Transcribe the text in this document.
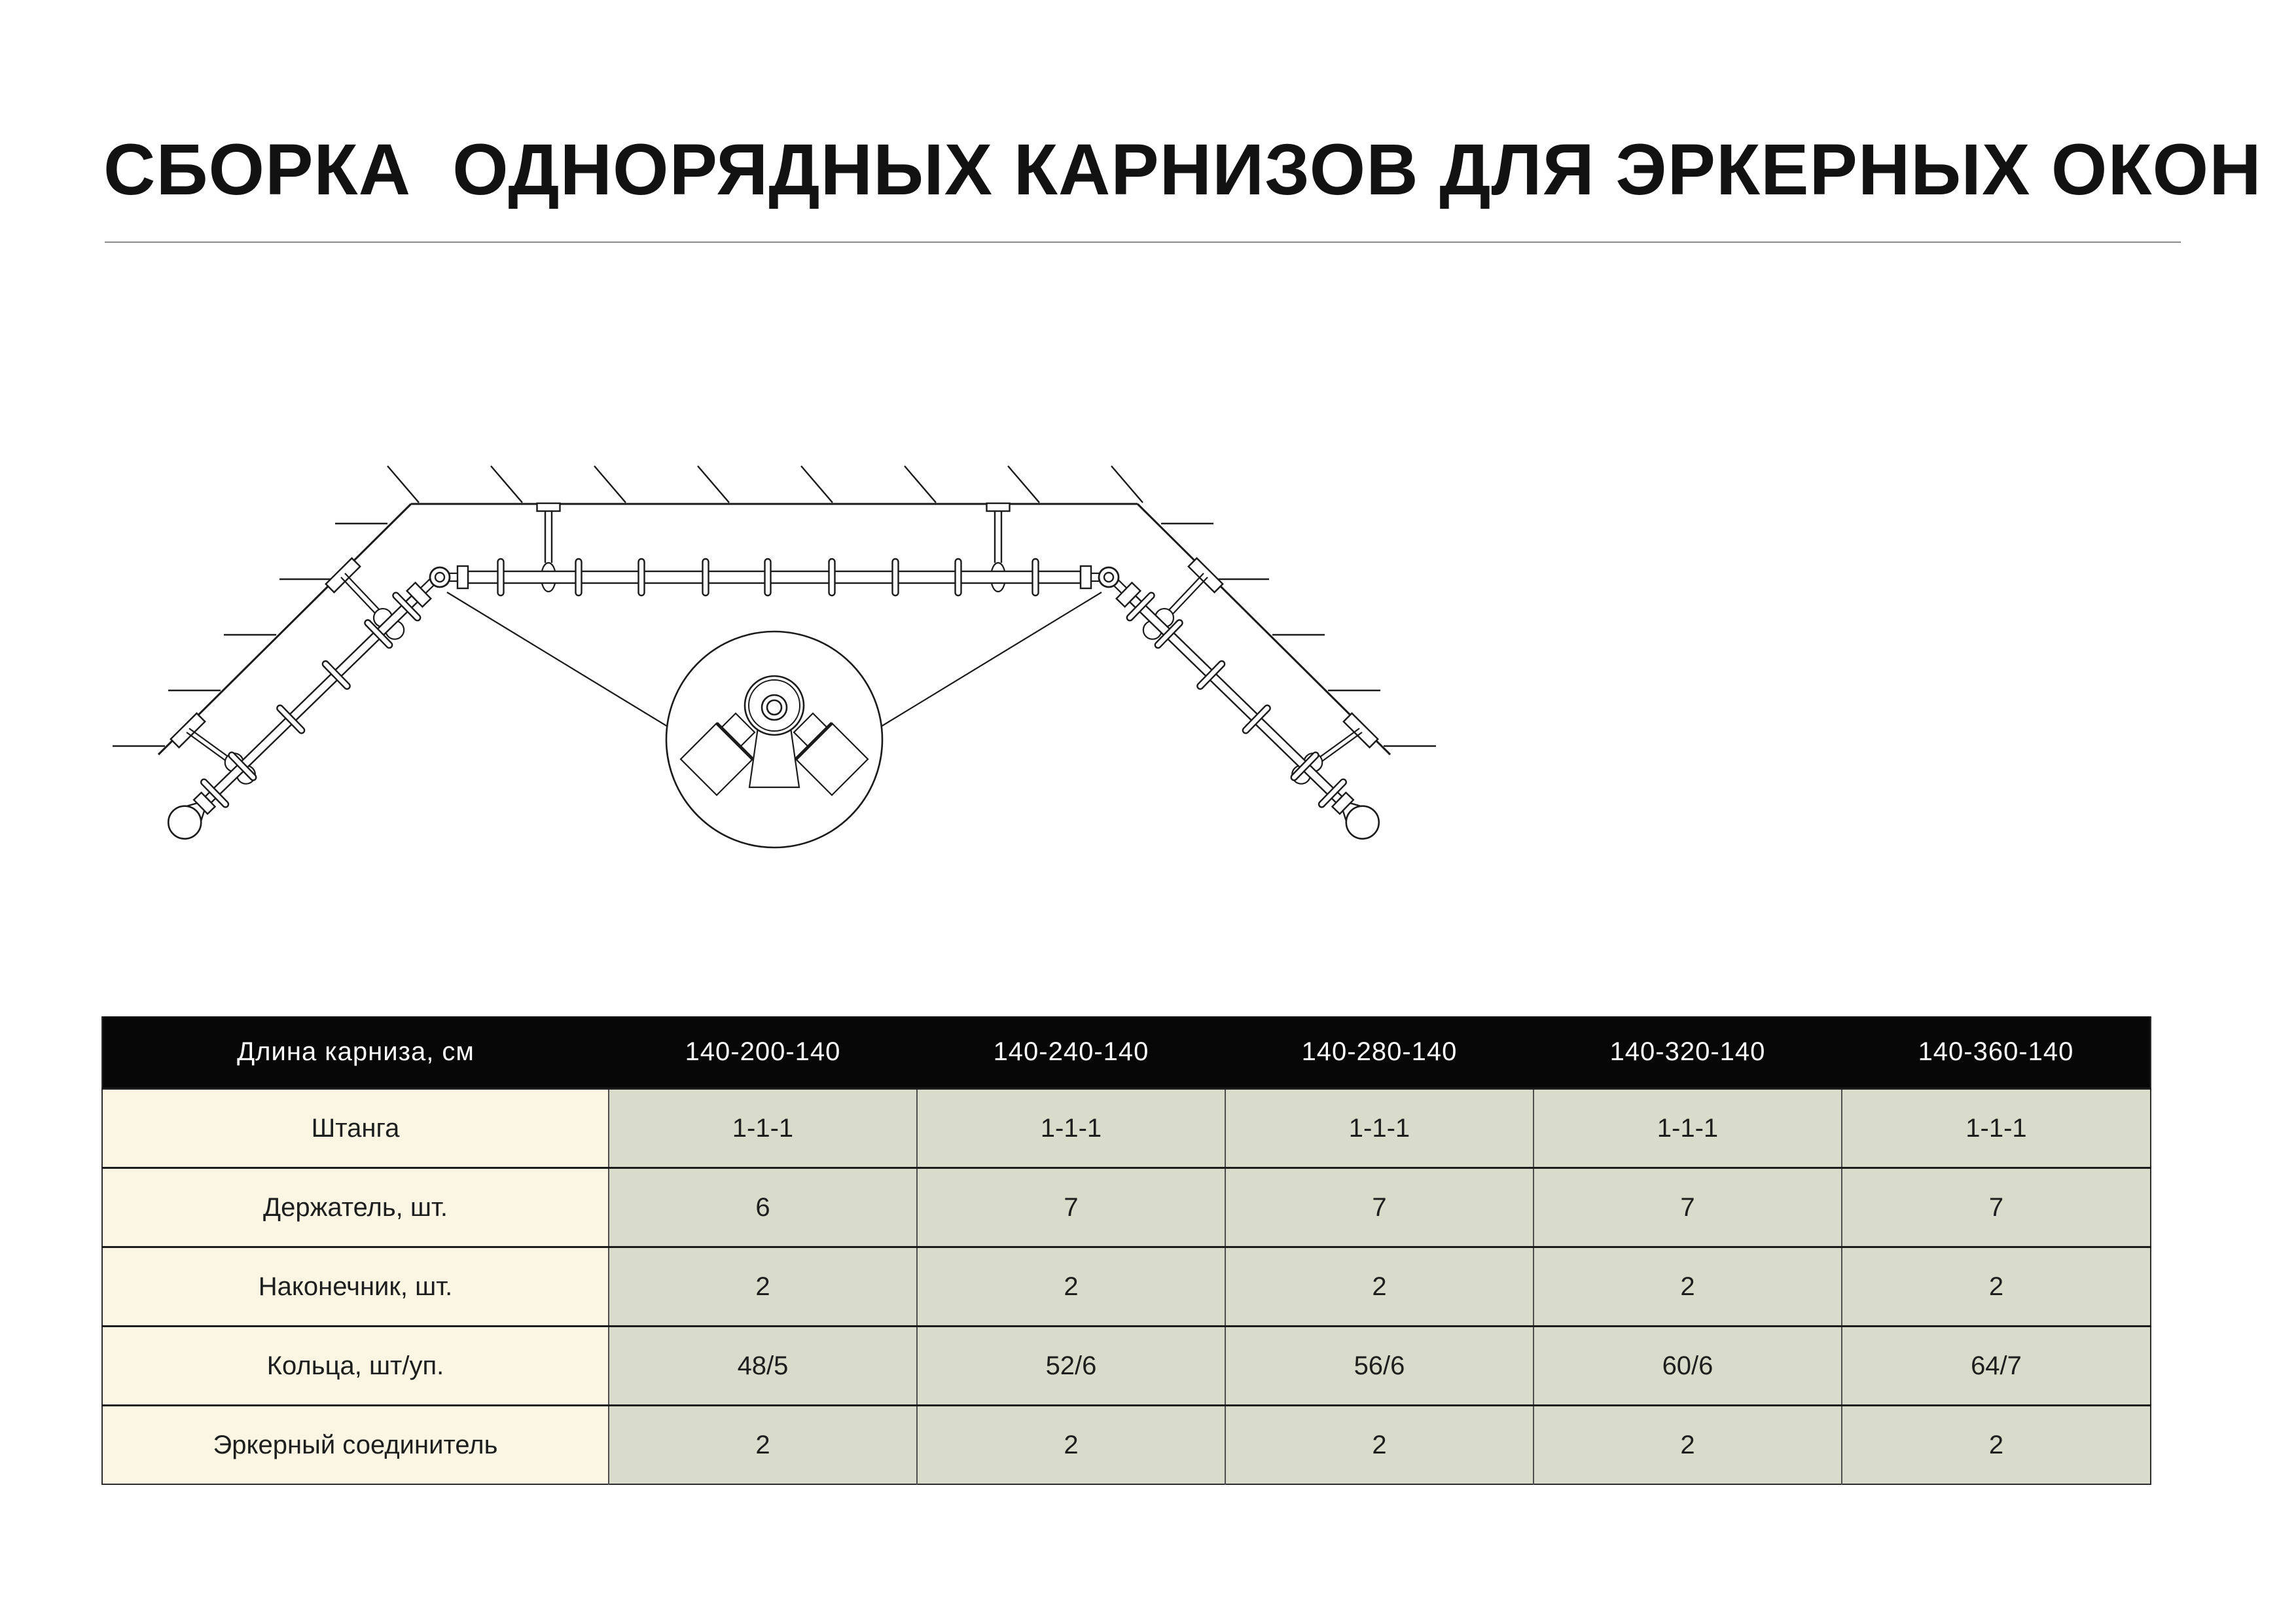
СБОРКА  ОДНОРЯДНЫХ КАРНИЗОВ ДЛЯ ЭРКЕРНЫХ ОКОН
Длина карниза, см	140-200-140	140-240-140	140-280-140	140-320-140	140-360-140
Штанга	1-1-1	1-1-1	1-1-1	1-1-1	1-1-1
Держатель, шт.	6	7	7	7	7
Наконечник, шт.	2	2	2	2	2
Кольца, шт/уп.	48/5	52/6	56/6	60/6	64/7
Эркерный соединитель	2	2	2	2	2
